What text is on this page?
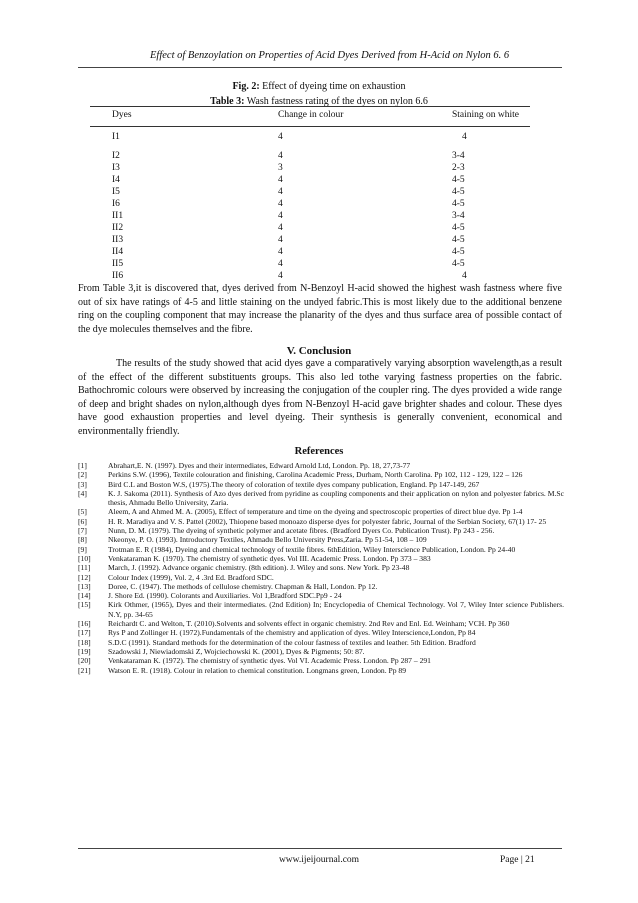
Effect of Benzoylation on Properties of Acid Dyes Derived from H-Acid on Nylon 6. 6
Fig. 2: Effect of dyeing time on exhaustion
Table 3: Wash fastness rating of the dyes on nylon 6.6
Dyes	Change in colour	Staining on white
I1	4	4
I2	4	3-4
I3	3	2-3
I4	4	4-5
I5	4	4-5
I6	4	4-5
II1	4	3-4
II2	4	4-5
II3	4	4-5
II4	4	4-5
II5	4	4-5
II6	4	4
From Table 3,it is discovered that, dyes derived from N-Benzoyl H-acid showed the highest wash fastness where five out of six have ratings of 4-5 and little staining on the undyed fabric.This is most likely due to the additional benzene ring on the coupling component that may increase the planarity of the dyes and thus surface area of possible contact of the dye molecules themselves and the fibre.
V. Conclusion
The results of the study showed that acid dyes gave a comparatively varying absorption wavelength,as a result of the effect of the different substituents groups. This also led tothe varying fastness properties on the fabric. Bathochromic colours were observed by increasing the conjugation of the coupler ring. The dyes provided a wide range of deep and bright shades on nylon,although dyes from N-Benzoyl H-acid gave brighter shades and colour. These dyes have good exhaustion properties and level dyeing. Their synthesis is generally convenient, economical and environmentally friendly.
References
[1]	Abrahart,E. N. (1997). Dyes and their intermediates, Edward Arnold Ltd, London. Pp. 18, 27,73-77
[2]	Perkins S.W. (1996), Textile colouration and finishing, Carolina Academic Press, Durham, North Carolina. Pp 102, 112 - 129, 122 – 126
[3]	Bird C.L and Boston W.S, (1975).The theory of coloration of textile dyes company publication, England. Pp 147-149, 267
[4]	K. J. Sakoma (2011). Synthesis of Azo dyes derived from pyridine as coupling components and their application on nylon and polyester fabrics. M.Sc thesis, Ahmadu Bello University, Zaria.
[5]	Aleem, A and Ahmed M. A. (2005), Effect of temperature and time on the dyeing and spectroscopic properties of direct blue dye. Pp 1-4
[6]	H. R. Maradiya and V. S. Pattel (2002), Thiopene based monoazo disperse dyes for polyester fabric, Journal of the Serbian Society, 67(1) 17- 25
[7]	Nunn, D. M. (1979). The dyeing of synthetic polymer and acetate fibres. (Bradford Dyers Co. Publication Trust). Pp 243 - 256.
[8]	Nkeonye, P. O. (1993). Introductory Textiles, Ahmadu Bello University Press,Zaria. Pp 51-54, 108 – 109
[9]	Trotman E. R (1984), Dyeing and chemical technology of textile fibres. 6thEdition, Wiley Interscience Publication, London. Pp 24-40
[10]	Venkataraman K. (1970). The chemistry of synthetic dyes. Vol III. Academic Press. London. Pp 373 – 383
[11]	March, J. (1992). Advance organic chemistry. (8th edition). J. Wiley and sons. New York. Pp 23-48
[12]	Colour Index (1999), Vol. 2, 4 .3rd Ed. Bradford SDC.
[13]	Doree, C. (1947). The methods of cellulose chemistry. Chapman & Hall, London. Pp 12.
[14]	J. Shore Ed. (1990). Colorants and Auxiliaries. Vol 1,Bradford SDC.Pp9 - 24
[15]	Kirk Othmer, (1965), Dyes and their intermediates. (2nd Edition) In; Encyclopedia of Chemical Technology. Vol 7, Wiley Inter science Publishers. N.Y, pp. 34-65
[16]	Reichardt C. and Welton, T. (2010).Solvents and solvents effect in organic chemistry. 2nd Rev and Enl. Ed. Weinham; VCH. Pp 360
[17]	Rys P and Zollinger H. (1972).Fundamentals of the chemistry and application of dyes. Wiley Interscience,London, Pp 84
[18]	S.D.C (1991). Standard methods for the determination of the colour fastness of textiles and leather. 5th Edition. Bradford
[19]	Szadowski J, Niewiadomski Z, Wojciechowski K. (2001), Dyes & Pigments; 50: 87.
[20]	Venkataraman K. (1972). The chemistry of synthetic dyes. Vol VI. Academic Press. London. Pp 287 – 291
[21]	Watson E. R. (1918). Colour in relation to chemical constitution. Longmans green, London. Pp 89
www.ijeijournal.com	Page | 21
